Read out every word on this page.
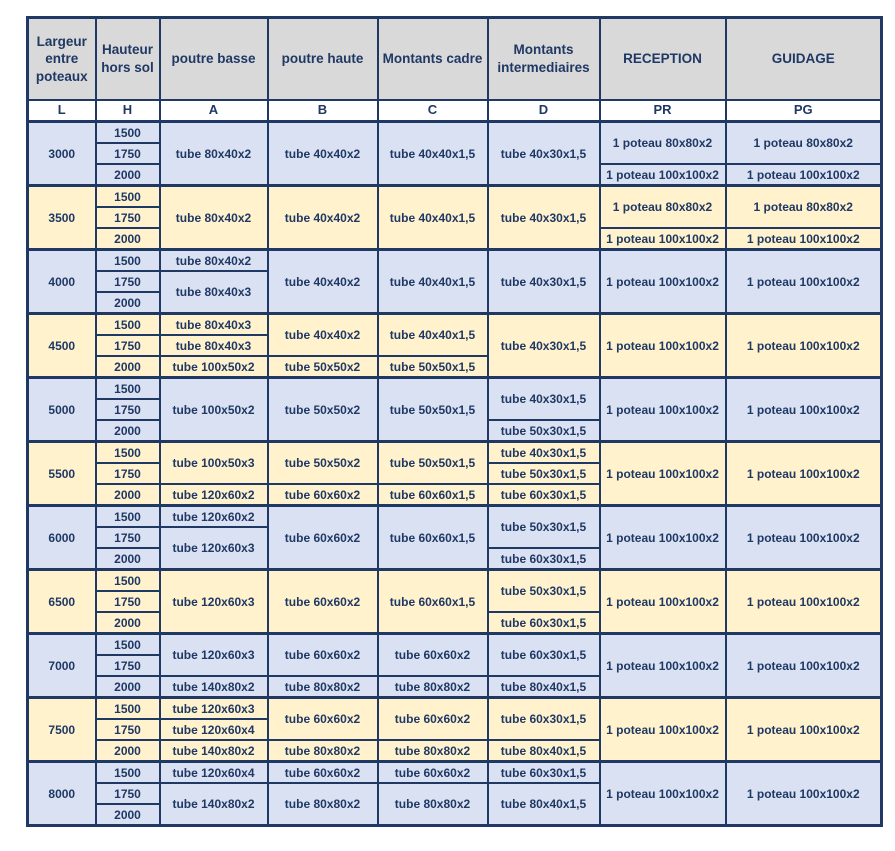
Largeur entre poteaux	Hauteur hors sol	poutre basse	poutre haute	Montants cadre	Montants intermediaires	RECEPTION	GUIDAGE
L	H	A	B	C	D	PR	PG
3000	1500	tube 80x40x2	tube 40x40x2	tube 40x40x1,5	tube 40x30x1,5	1 poteau 80x80x2	1 poteau 80x80x2
	1750						
	2000					1 poteau 100x100x2	1 poteau 100x100x2
3500	1500	tube 80x40x2	tube 40x40x2	tube 40x40x1,5	tube 40x30x1,5	1 poteau 80x80x2	1 poteau 80x80x2
	1750						
	2000					1 poteau 100x100x2	1 poteau 100x100x2
4000	1500	tube 80x40x2	tube 40x40x2	tube 40x40x1,5	tube 40x30x1,5	1 poteau 100x100x2	1 poteau 100x100x2
	1750	tube 80x40x3					
	2000						
4500	1500	tube 80x40x3	tube 40x40x2	tube 40x40x1,5	tube 40x30x1,5	1 poteau 100x100x2	1 poteau 100x100x2
	1750	tube 80x40x3					
	2000	tube 100x50x2	tube 50x50x2	tube 50x50x1,5			
5000	1500	tube 100x50x2	tube 50x50x2	tube 50x50x1,5	tube 40x30x1,5	1 poteau 100x100x2	1 poteau 100x100x2
	1750						
	2000				tube 50x30x1,5		
5500	1500	tube 100x50x3	tube 50x50x2	tube 50x50x1,5	tube 40x30x1,5	1 poteau 100x100x2	1 poteau 100x100x2
	1750				tube 50x30x1,5		
	2000	tube 120x60x2	tube 60x60x2	tube 60x60x1,5	tube 60x30x1,5		
6000	1500	tube 120x60x2	tube 60x60x2	tube 60x60x1,5	tube 50x30x1,5	1 poteau 100x100x2	1 poteau 100x100x2
	1750	tube 120x60x3					
	2000				tube 60x30x1,5		
6500	1500	tube 120x60x3	tube 60x60x2	tube 60x60x1,5	tube 50x30x1,5	1 poteau 100x100x2	1 poteau 100x100x2
	1750						
	2000				tube 60x30x1,5		
7000	1500	tube 120x60x3	tube 60x60x2	tube 60x60x2	tube 60x30x1,5	1 poteau 100x100x2	1 poteau 100x100x2
	1750						
	2000	tube 140x80x2	tube 80x80x2	tube 80x80x2	tube 80x40x1,5		
7500	1500	tube 120x60x3	tube 60x60x2	tube 60x60x2	tube 60x30x1,5	1 poteau 100x100x2	1 poteau 100x100x2
	1750	tube 120x60x4					
	2000	tube 140x80x2	tube 80x80x2	tube 80x80x2	tube 80x40x1,5		
8000	1500	tube 120x60x4	tube 60x60x2	tube 60x60x2	tube 60x30x1,5	1 poteau 100x100x2	1 poteau 100x100x2
	1750	tube 140x80x2	tube 80x80x2	tube 80x80x2	tube 80x40x1,5		
	2000						
